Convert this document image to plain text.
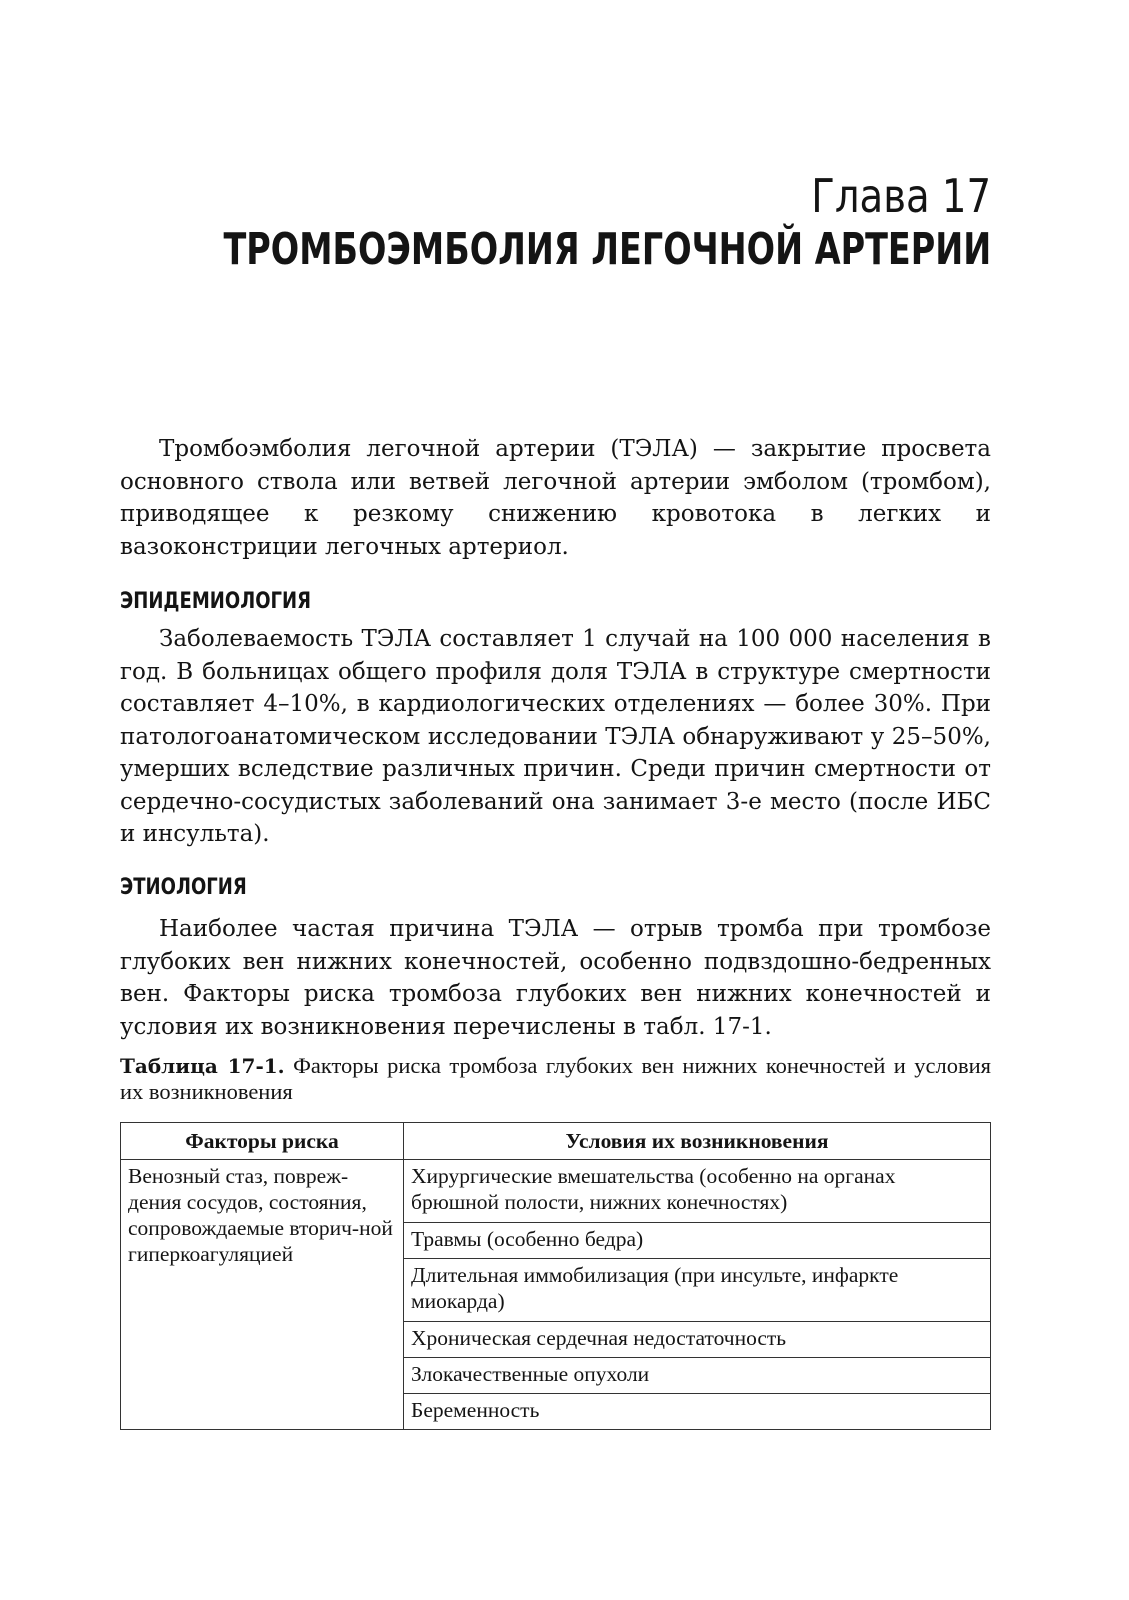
Глава 17
ТРОМБОЭМБОЛИЯ ЛЕГОЧНОЙ АРТЕРИИ

Тромбоэмболия легочной артерии (ТЭЛА) — закрытие просвета основного ствола или ветвей легочной артерии эмболом (тромбом), приводящее к резкому снижению кровотока в легких и вазоконстриции легочных артериол.

ЭПИДЕМИОЛОГИЯ

Заболеваемость ТЭЛА составляет 1 случай на 100 000 населения в год. В больницах общего профиля доля ТЭЛА в структуре смертности составляет 4–10%, в кардиологических отделениях — более 30%. При патологоанатомическом исследовании ТЭЛА обнаруживают у 25–50%, умерших вследствие различных причин. Среди причин смертности от сердечно-сосудистых заболеваний она занимает 3-е место (после ИБС и инсульта).

ЭТИОЛОГИЯ

Наиболее частая причина ТЭЛА — отрыв тромба при тромбозе глубоких вен нижних конечностей, особенно подвздошно-бедренных вен. Факторы риска тромбоза глубоких вен нижних конечностей и условия их возникновения перечислены в табл. 17-1.

Таблица 17-1. Факторы риска тромбоза глубоких вен нижних конечностей и условия их возникновения

Факторы риска	Условия их возникновения
Венозный стаз, повреж-дения сосудов, состояния, сопровождаемые вторич-ной гиперкоагуляцией	Хирургические вмешательства (особенно на органах брюшной полости, нижних конечностях)
	Травмы (особенно бедра)
	Длительная иммобилизация (при инсульте, инфаркте миокарда)
	Хроническая сердечная недостаточность
	Злокачественные опухоли
	Беременность
